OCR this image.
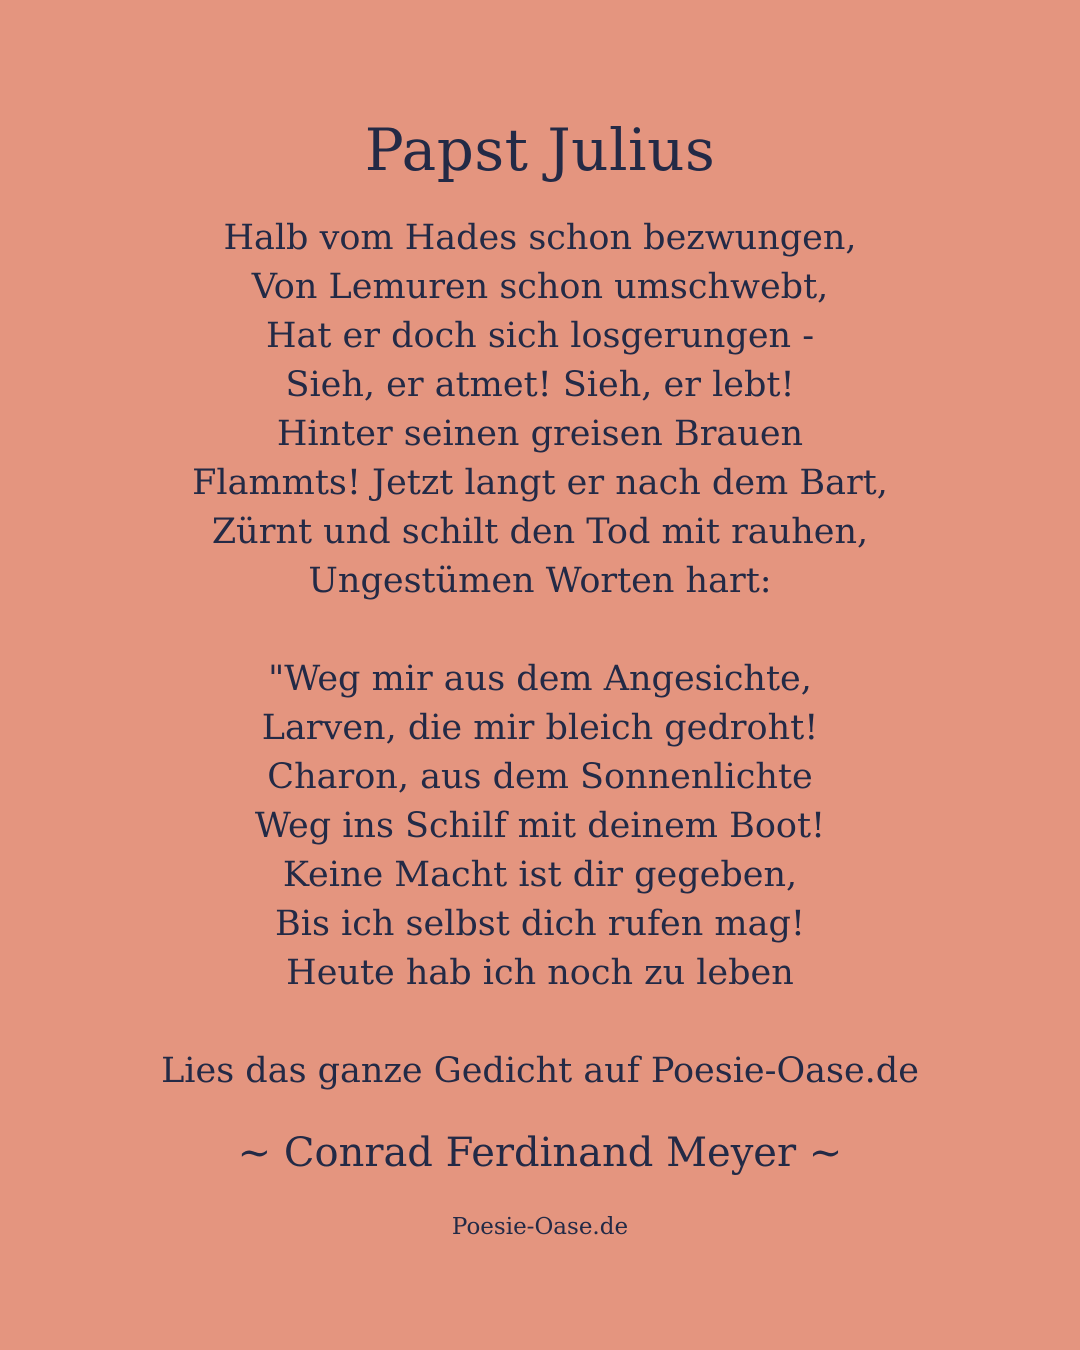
Papst Julius
Halb vom Hades schon bezwungen,
Von Lemuren schon umschwebt,
Hat er doch sich losgerungen -
Sieh, er atmet! Sieh, er lebt!
Hinter seinen greisen Brauen
Flammts! Jetzt langt er nach dem Bart,
Zürnt und schilt den Tod mit rauhen,
Ungestümen Worten hart:
"Weg mir aus dem Angesichte,
Larven, die mir bleich gedroht!
Charon, aus dem Sonnenlichte
Weg ins Schilf mit deinem Boot!
Keine Macht ist dir gegeben,
Bis ich selbst dich rufen mag!
Heute hab ich noch zu leben
Lies das ganze Gedicht auf Poesie-Oase.de
~ Conrad Ferdinand Meyer ~
Poesie-Oase.de
